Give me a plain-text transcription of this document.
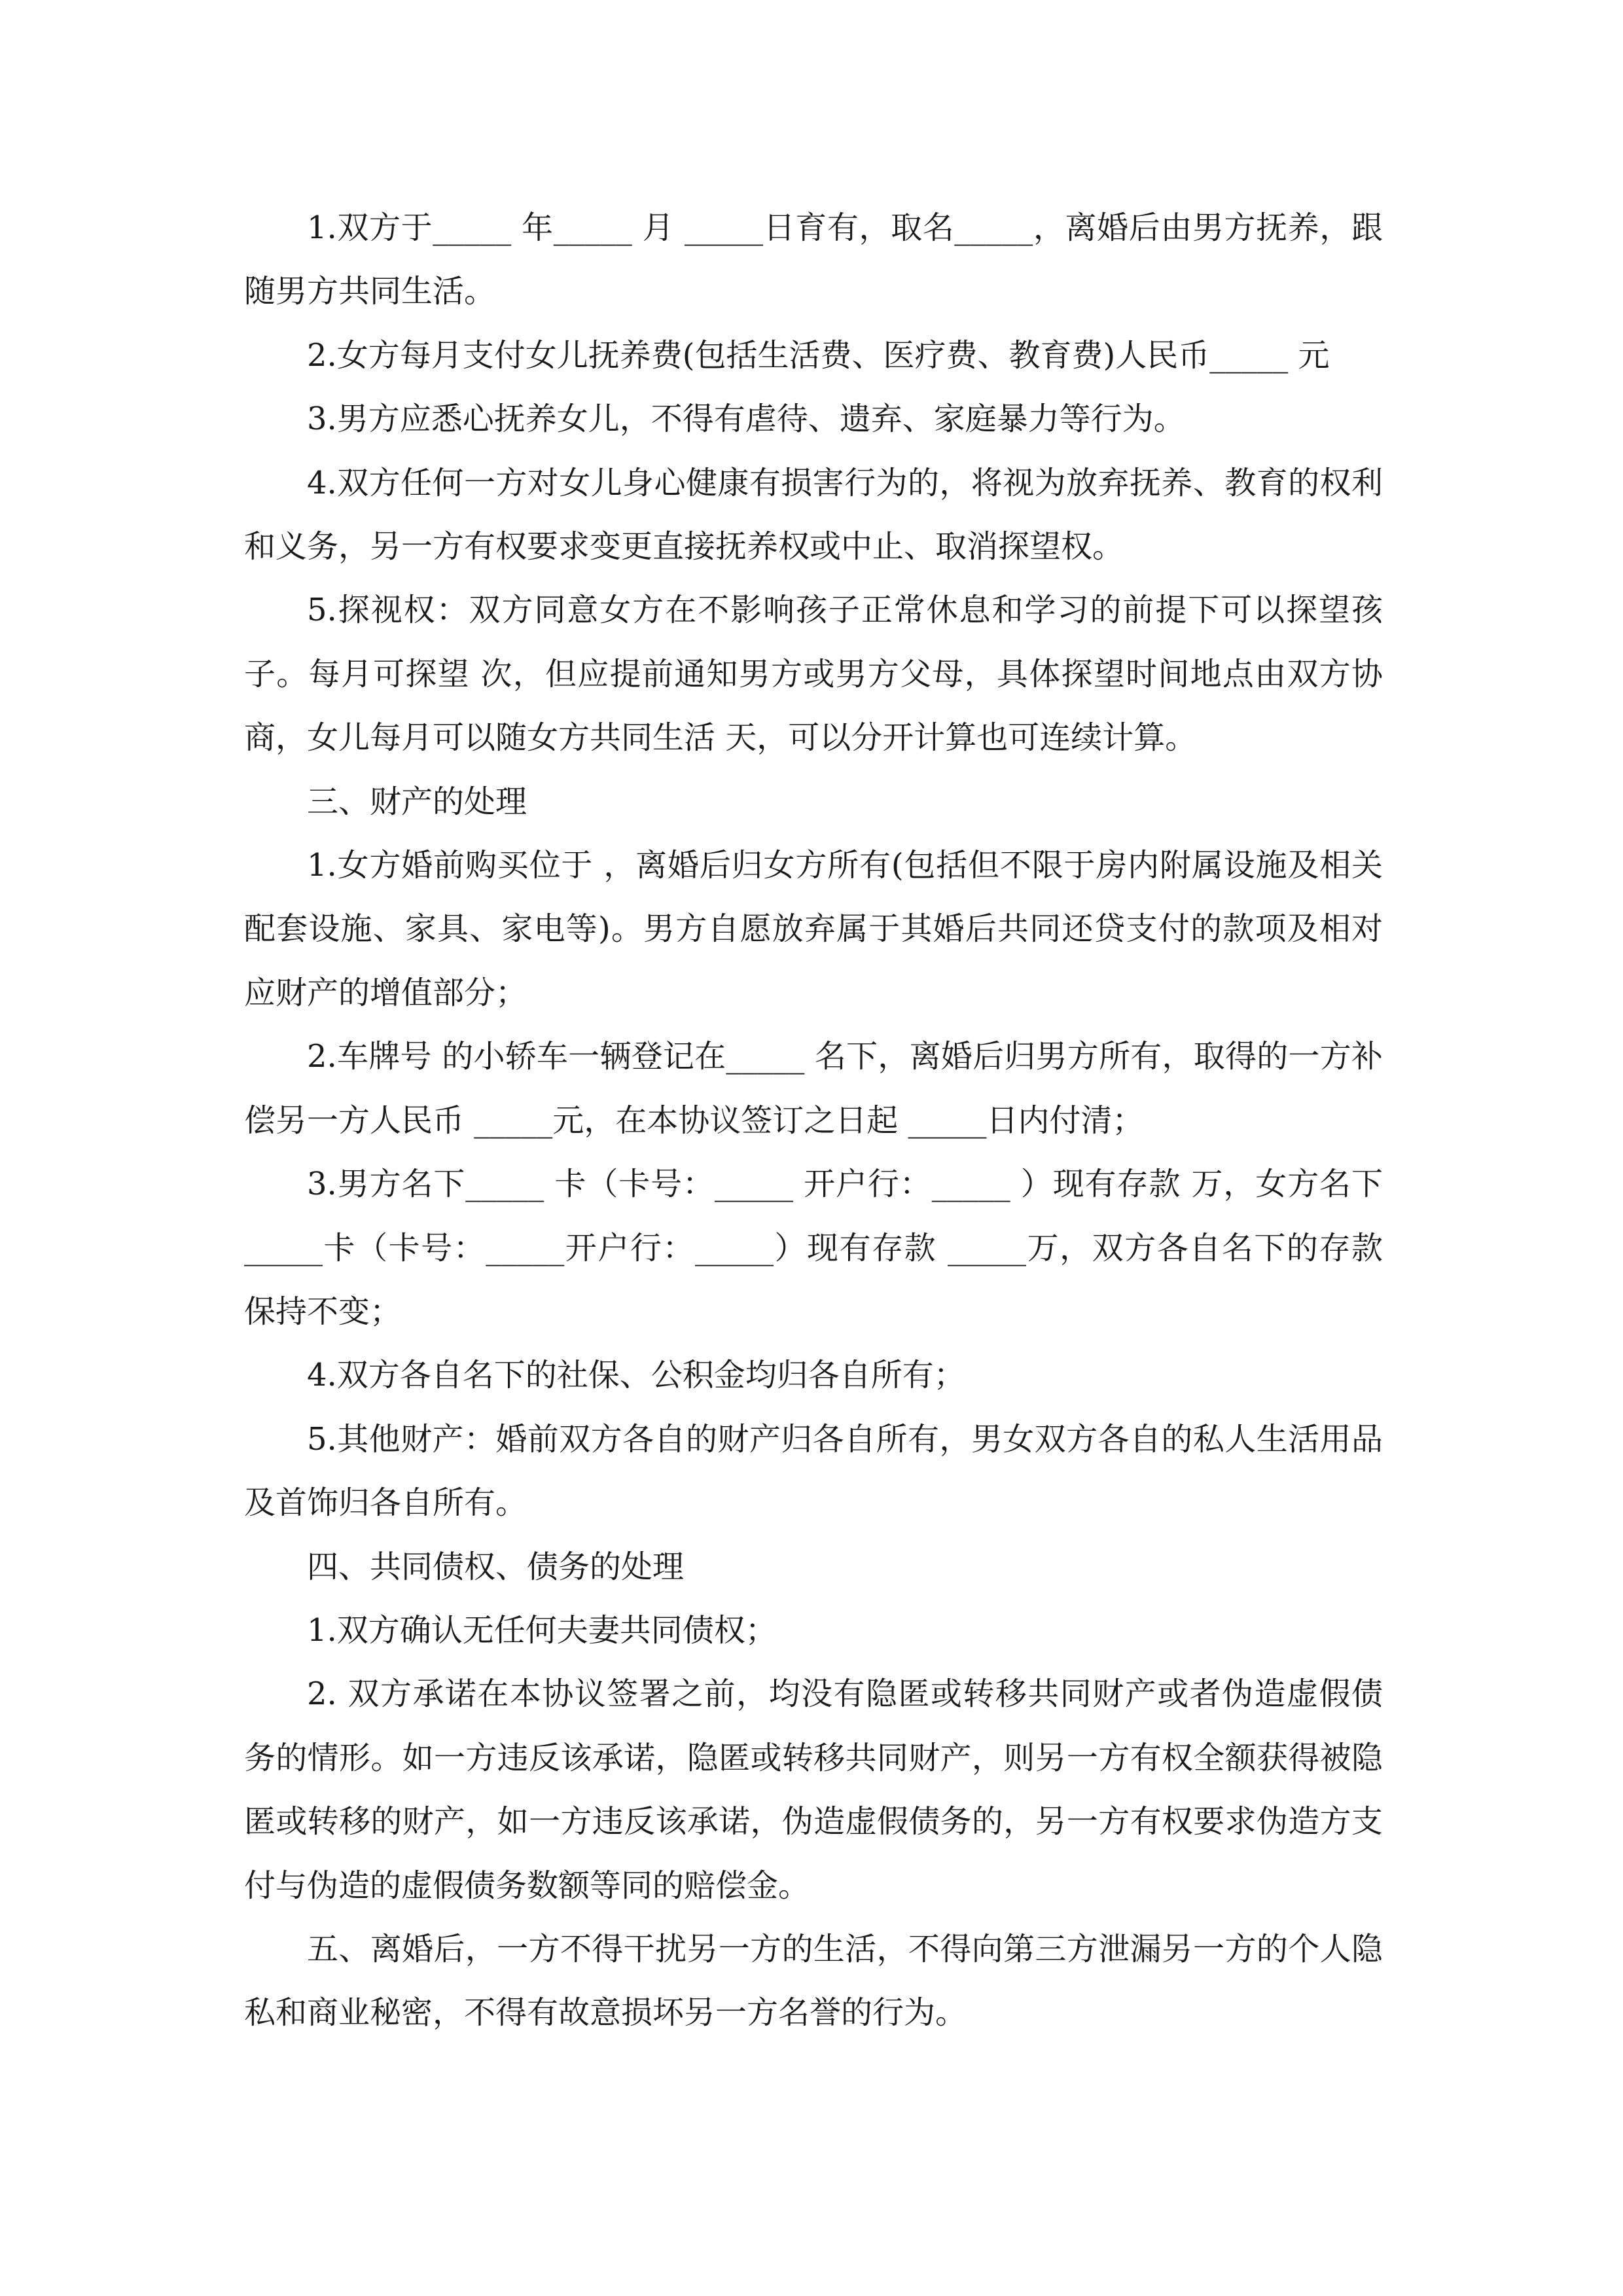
1.双方于_____ 年_____ 月 _____日育有，取名_____，离婚后由男方抚养，跟随男方共同生活。

2.女方每月支付女儿抚养费(包括生活费、医疗费、教育费)人民币_____ 元

3.男方应悉心抚养女儿，不得有虐待、遗弃、家庭暴力等行为。

4.双方任何一方对女儿身心健康有损害行为的，将视为放弃抚养、教育的权利和义务，另一方有权要求变更直接抚养权或中止、取消探望权。

5.探视权：双方同意女方在不影响孩子正常休息和学习的前提下可以探望孩子。每月可探望 次，但应提前通知男方或男方父母，具体探望时间地点由双方协商，女儿每月可以随女方共同生活 天，可以分开计算也可连续计算。

三、财产的处理

1.女方婚前购买位于 ，离婚后归女方所有(包括但不限于房内附属设施及相关配套设施、家具、家电等)。男方自愿放弃属于其婚后共同还贷支付的款项及相对应财产的增值部分；

2.车牌号 的小轿车一辆登记在_____ 名下，离婚后归男方所有，取得的一方补偿另一方人民币 _____元，在本协议签订之日起 _____日内付清；

3.男方名下_____ 卡（卡号：_____ 开户行：_____ ）现有存款 万，女方名下 _____卡（卡号：_____开户行：_____）现有存款 _____万，双方各自名下的存款保持不变；

4.双方各自名下的社保、公积金均归各自所有；

5.其他财产：婚前双方各自的财产归各自所有，男女双方各自的私人生活用品及首饰归各自所有。

四、共同债权、债务的处理

1.双方确认无任何夫妻共同债权；

2. 双方承诺在本协议签署之前，均没有隐匿或转移共同财产或者伪造虚假债务的情形。如一方违反该承诺，隐匿或转移共同财产，则另一方有权全额获得被隐匿或转移的财产，如一方违反该承诺，伪造虚假债务的，另一方有权要求伪造方支付与伪造的虚假债务数额等同的赔偿金。

五、离婚后，一方不得干扰另一方的生活，不得向第三方泄漏另一方的个人隐私和商业秘密，不得有故意损坏另一方名誉的行为。
